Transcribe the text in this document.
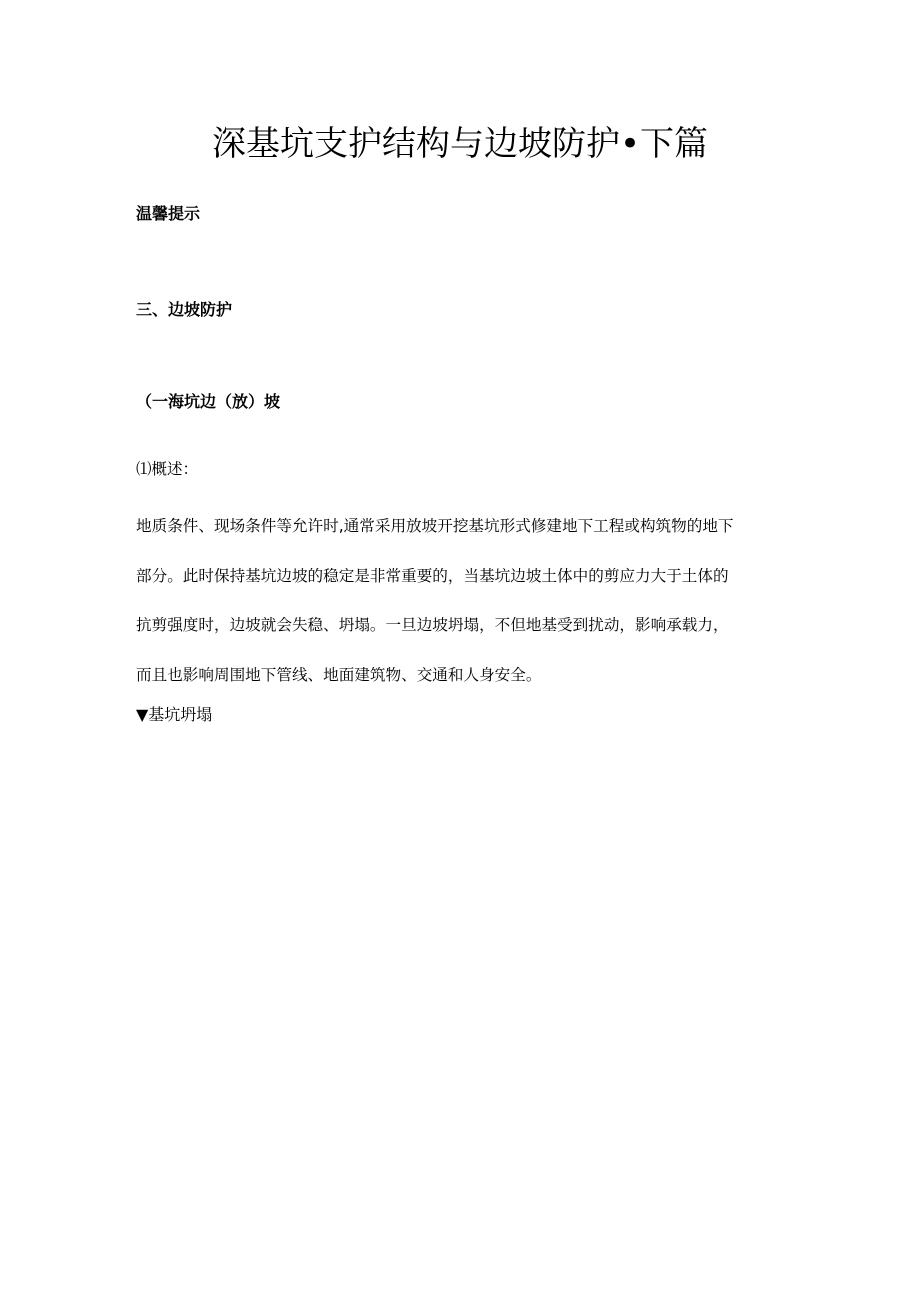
深基坑支护结构与边坡防护•下篇
温馨提示
三、边坡防护
（一海坑边（放）坡
⑴概述：
地质条件、现场条件等允许时,通常采用放坡开挖基坑形式修建地下工程或构筑物的地下
部分。此时保持基坑边坡的稳定是非常重要的，当基坑边坡土体中的剪应力大于土体的
抗剪强度时，边坡就会失稳、坍塌。一旦边坡坍塌，不但地基受到扰动，影响承载力，
而且也影响周围地下管线、地面建筑物、交通和人身安全。
▼基坑坍塌
